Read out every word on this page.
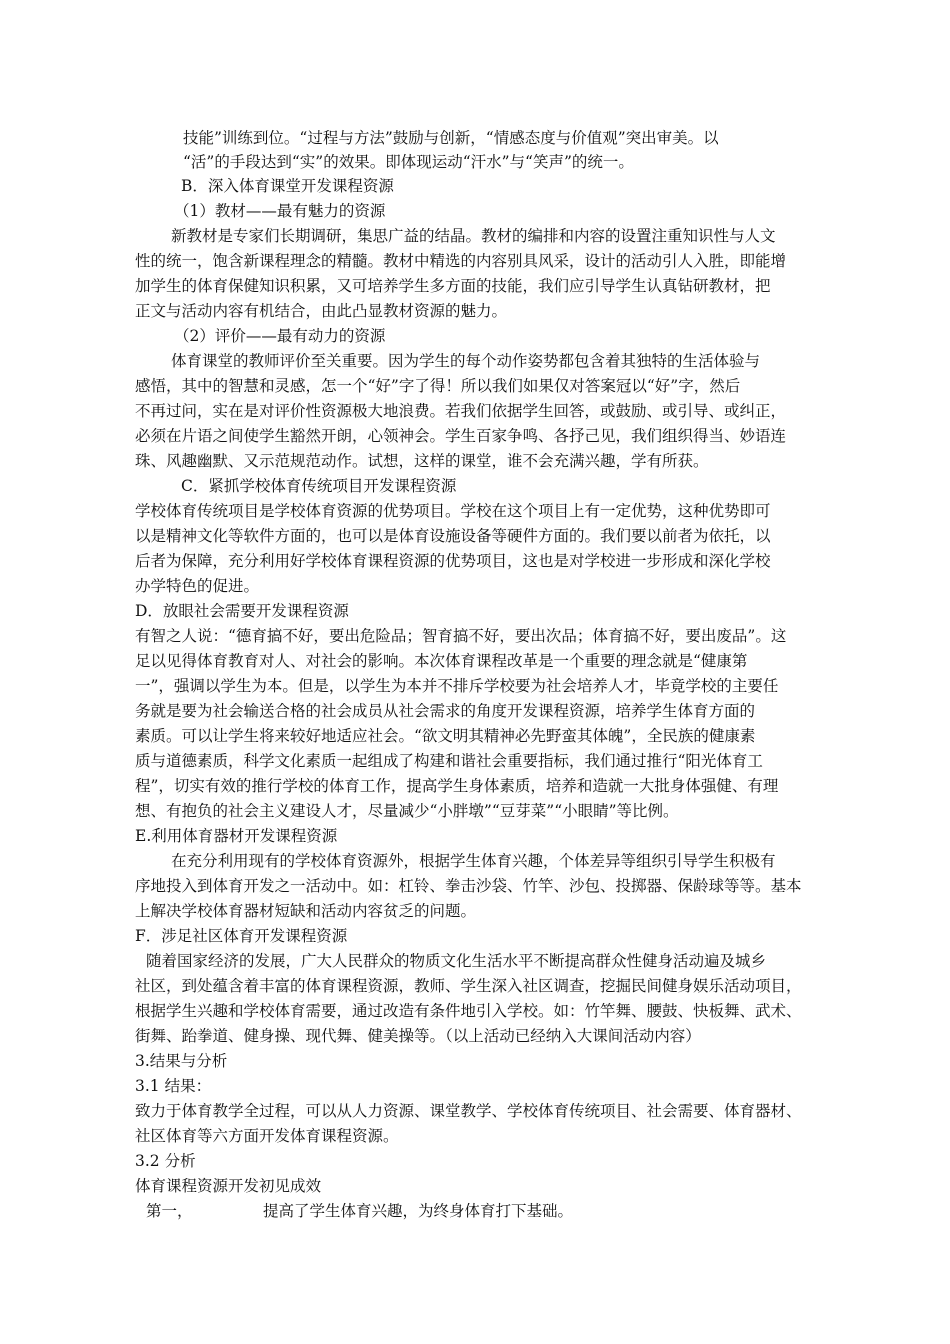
技能”训练到位。“过程与方法”鼓励与创新，“情感态度与价值观”突出审美。以
“活”的手段达到“实”的效果。即体现运动“汗水”与“笑声”的统一。
B．深入体育课堂开发课程资源
（1）教材——最有魅力的资源
新教材是专家们长期调研，集思广益的结晶。教材的编排和内容的设置注重知识性与人文
性的统一，饱含新课程理念的精髓。教材中精选的内容别具风采，设计的活动引人入胜，即能增
加学生的体育保健知识积累，又可培养学生多方面的技能，我们应引导学生认真钻研教材，把
正文与活动内容有机结合，由此凸显教材资源的魅力。
（2）评价——最有动力的资源
体育课堂的教师评价至关重要。因为学生的每个动作姿势都包含着其独特的生活体验与
感悟，其中的智慧和灵感，怎一个“好”字了得！所以我们如果仅对答案冠以“好”字，然后
不再过问，实在是对评价性资源极大地浪费。若我们依据学生回答，或鼓励、或引导、或纠正，
必须在片语之间使学生豁然开朗，心领神会。学生百家争鸣、各抒己见，我们组织得当、妙语连
珠、风趣幽默、又示范规范动作。试想，这样的课堂，谁不会充满兴趣，学有所获。
C．紧抓学校体育传统项目开发课程资源
学校体育传统项目是学校体育资源的优势项目。学校在这个项目上有一定优势，这种优势即可
以是精神文化等软件方面的，也可以是体育设施设备等硬件方面的。我们要以前者为依托，以
后者为保障，充分利用好学校体育课程资源的优势项目，这也是对学校进一步形成和深化学校
办学特色的促进。
D．放眼社会需要开发课程资源
有智之人说：“德育搞不好，要出危险品；智育搞不好，要出次品；体育搞不好，要出废品”。这
足以见得体育教育对人、对社会的影响。本次体育课程改革是一个重要的理念就是“健康第
一”，强调以学生为本。但是，以学生为本并不排斥学校要为社会培养人才，毕竟学校的主要任
务就是要为社会输送合格的社会成员从社会需求的角度开发课程资源，培养学生体育方面的
素质。可以让学生将来较好地适应社会。“欲文明其精神必先野蛮其体魄”，全民族的健康素
质与道德素质，科学文化素质一起组成了构建和谐社会重要指标，我们通过推行“阳光体育工
程”，切实有效的推行学校的体育工作，提高学生身体素质，培养和造就一大批身体强健、有理
想、有抱负的社会主义建设人才，尽量减少“小胖墩”“豆芽菜”“小眼睛”等比例。
E.利用体育器材开发课程资源
在充分利用现有的学校体育资源外，根据学生体育兴趣，个体差异等组织引导学生积极有
序地投入到体育开发之一活动中。如：杠铃、拳击沙袋、竹竿、沙包、投掷器、保龄球等等。基本
上解决学校体育器材短缺和活动内容贫乏的问题。
F．涉足社区体育开发课程资源
随着国家经济的发展，广大人民群众的物质文化生活水平不断提高群众性健身活动遍及城乡
社区，到处蕴含着丰富的体育课程资源，教师、学生深入社区调查，挖掘民间健身娱乐活动项目，
根据学生兴趣和学校体育需要，通过改造有条件地引入学校。如：竹竿舞、腰鼓、快板舞、武术、
街舞、跆拳道、健身操、现代舞、健美操等。（以上活动已经纳入大课间活动内容）
3.结果与分析
3.1 结果：
致力于体育教学全过程，可以从人力资源、课堂教学、学校体育传统项目、社会需要、体育器材、
社区体育等六方面开发体育课程资源。
3.2 分析
体育课程资源开发初见成效
第一，	提高了学生体育兴趣，为终身体育打下基础。
